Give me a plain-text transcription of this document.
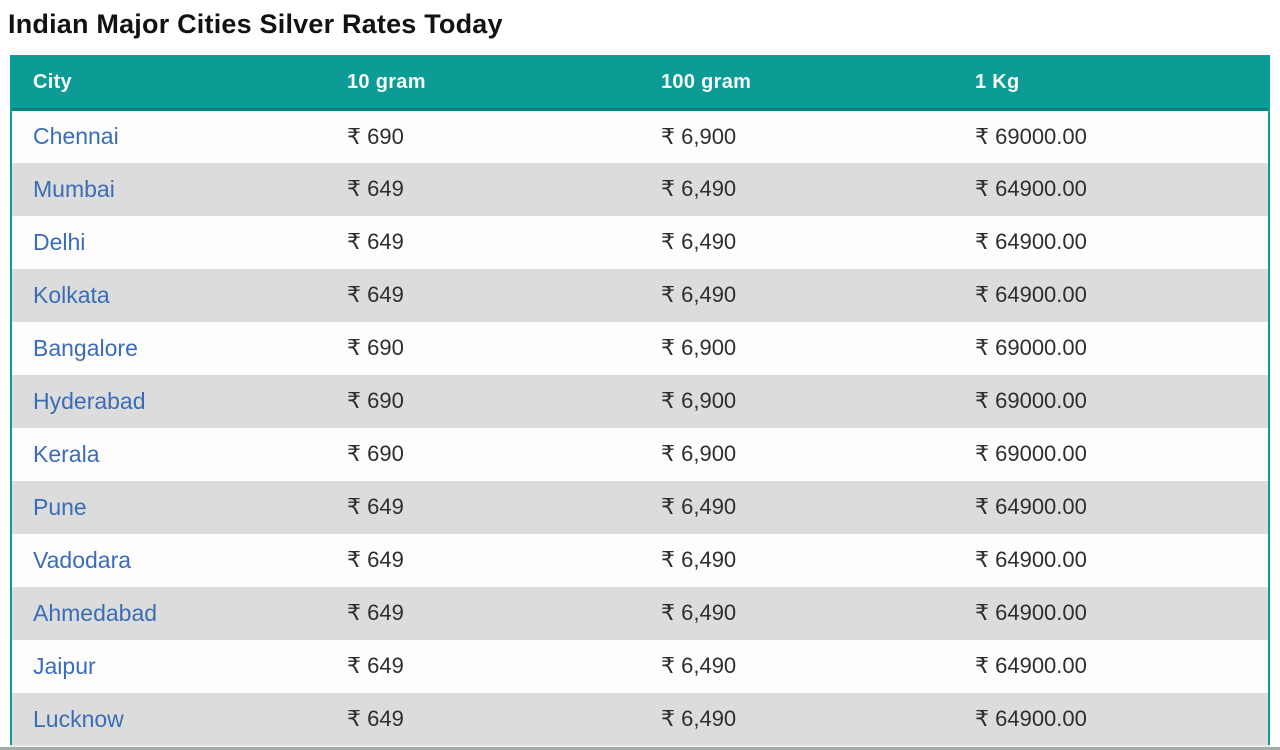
Indian Major Cities Silver Rates Today
City	10 gram	100 gram	1 Kg
Chennai	₹ 690	₹ 6,900	₹ 69000.00
Mumbai	₹ 649	₹ 6,490	₹ 64900.00
Delhi	₹ 649	₹ 6,490	₹ 64900.00
Kolkata	₹ 649	₹ 6,490	₹ 64900.00
Bangalore	₹ 690	₹ 6,900	₹ 69000.00
Hyderabad	₹ 690	₹ 6,900	₹ 69000.00
Kerala	₹ 690	₹ 6,900	₹ 69000.00
Pune	₹ 649	₹ 6,490	₹ 64900.00
Vadodara	₹ 649	₹ 6,490	₹ 64900.00
Ahmedabad	₹ 649	₹ 6,490	₹ 64900.00
Jaipur	₹ 649	₹ 6,490	₹ 64900.00
Lucknow	₹ 649	₹ 6,490	₹ 64900.00
